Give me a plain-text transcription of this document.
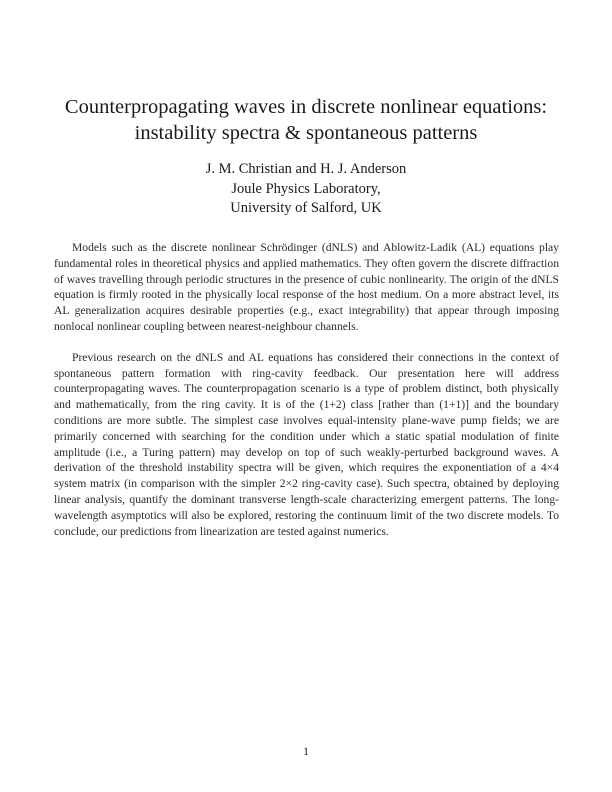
Counterpropagating waves in discrete nonlinear equations:
instability spectra & spontaneous patterns
J. M. Christian and H. J. Anderson
Joule Physics Laboratory,
University of Salford, UK

Models such as the discrete nonlinear Schrödinger (dNLS) and Ablowitz-Ladik (AL) equations play fundamental roles in theoretical physics and applied mathematics. They often govern the discrete diffraction of waves travelling through periodic structures in the presence of cubic nonlinearity. The origin of the dNLS equation is firmly rooted in the physically local response of the host medium. On a more abstract level, its AL generalization acquires desirable properties (e.g., exact integrability) that appear through imposing nonlocal nonlinear coupling between nearest-neighbour channels.

Previous research on the dNLS and AL equations has considered their connections in the context of spontaneous pattern formation with ring-cavity feedback. Our presentation here will address counterpropagating waves. The counterpropagation scenario is a type of problem distinct, both physically and mathematically, from the ring cavity. It is of the (1+2) class [rather than (1+1)] and the boundary conditions are more subtle. The simplest case involves equal-intensity plane-wave pump fields; we are primarily concerned with searching for the condition under which a static spatial modulation of finite amplitude (i.e., a Turing pattern) may develop on top of such weakly-perturbed background waves. A derivation of the threshold instability spectra will be given, which requires the exponentiation of a 4×4 system matrix (in comparison with the simpler 2×2 ring-cavity case). Such spectra, obtained by deploying linear analysis, quantify the dominant transverse length-scale characterizing emergent patterns. The long-wavelength asymptotics will also be explored, restoring the continuum limit of the two discrete models. To conclude, our predictions from linearization are tested against numerics.

1
